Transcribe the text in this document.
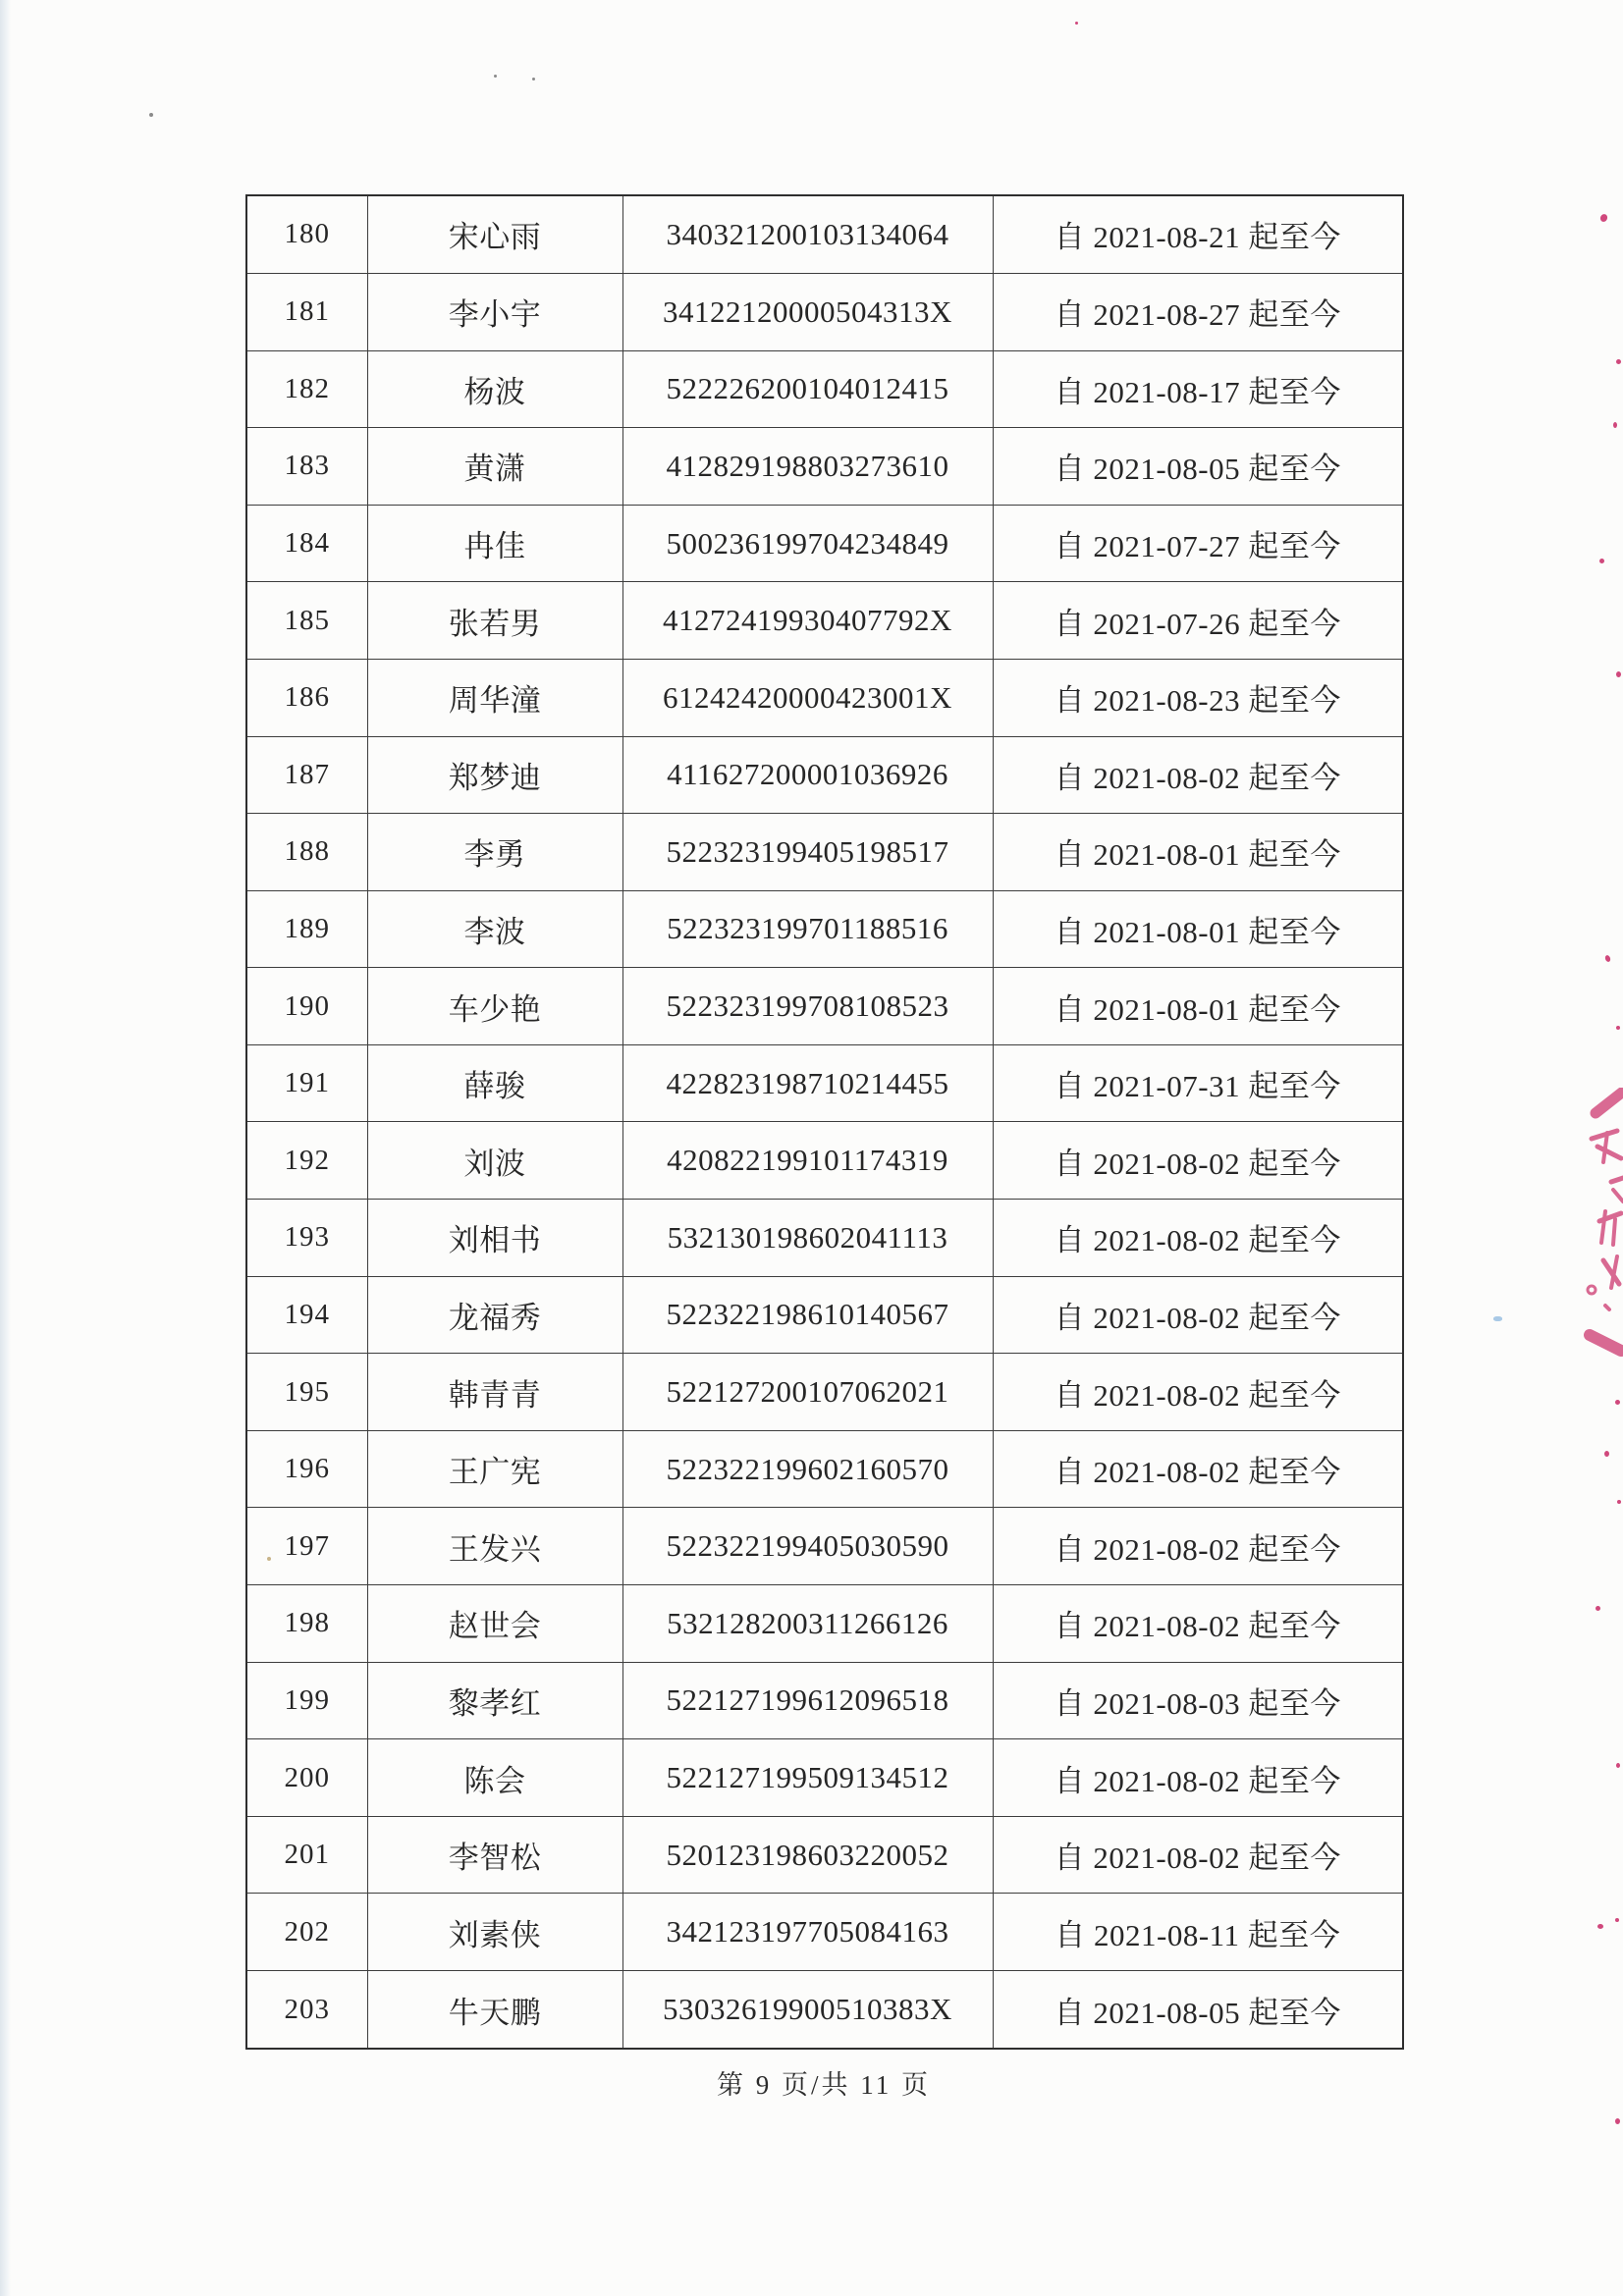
180	宋心雨	340321200103134064	自 2021-08-21 起至今
181	李小宇	34122120000504313X	自 2021-08-27 起至今
182	杨波	522226200104012415	自 2021-08-17 起至今
183	黄潇	412829198803273610	自 2021-08-05 起至今
184	冉佳	500236199704234849	自 2021-07-27 起至今
185	张若男	41272419930407792X	自 2021-07-26 起至今
186	周华潼	61242420000423001X	自 2021-08-23 起至今
187	郑梦迪	411627200001036926	自 2021-08-02 起至今
188	李勇	522323199405198517	自 2021-08-01 起至今
189	李波	522323199701188516	自 2021-08-01 起至今
190	车少艳	522323199708108523	自 2021-08-01 起至今
191	薛骏	422823198710214455	自 2021-07-31 起至今
192	刘波	420822199101174319	自 2021-08-02 起至今
193	刘相书	532130198602041113	自 2021-08-02 起至今
194	龙福秀	522322198610140567	自 2021-08-02 起至今
195	韩青青	522127200107062021	自 2021-08-02 起至今
196	王广宪	522322199602160570	自 2021-08-02 起至今
197	王发兴	522322199405030590	自 2021-08-02 起至今
198	赵世会	532128200311266126	自 2021-08-02 起至今
199	黎孝红	522127199612096518	自 2021-08-03 起至今
200	陈会	522127199509134512	自 2021-08-02 起至今
201	李智松	520123198603220052	自 2021-08-02 起至今
202	刘素侠	342123197705084163	自 2021-08-11 起至今
203	牛天鹏	53032619900510383X	自 2021-08-05 起至今
第 9 页/共 11 页
